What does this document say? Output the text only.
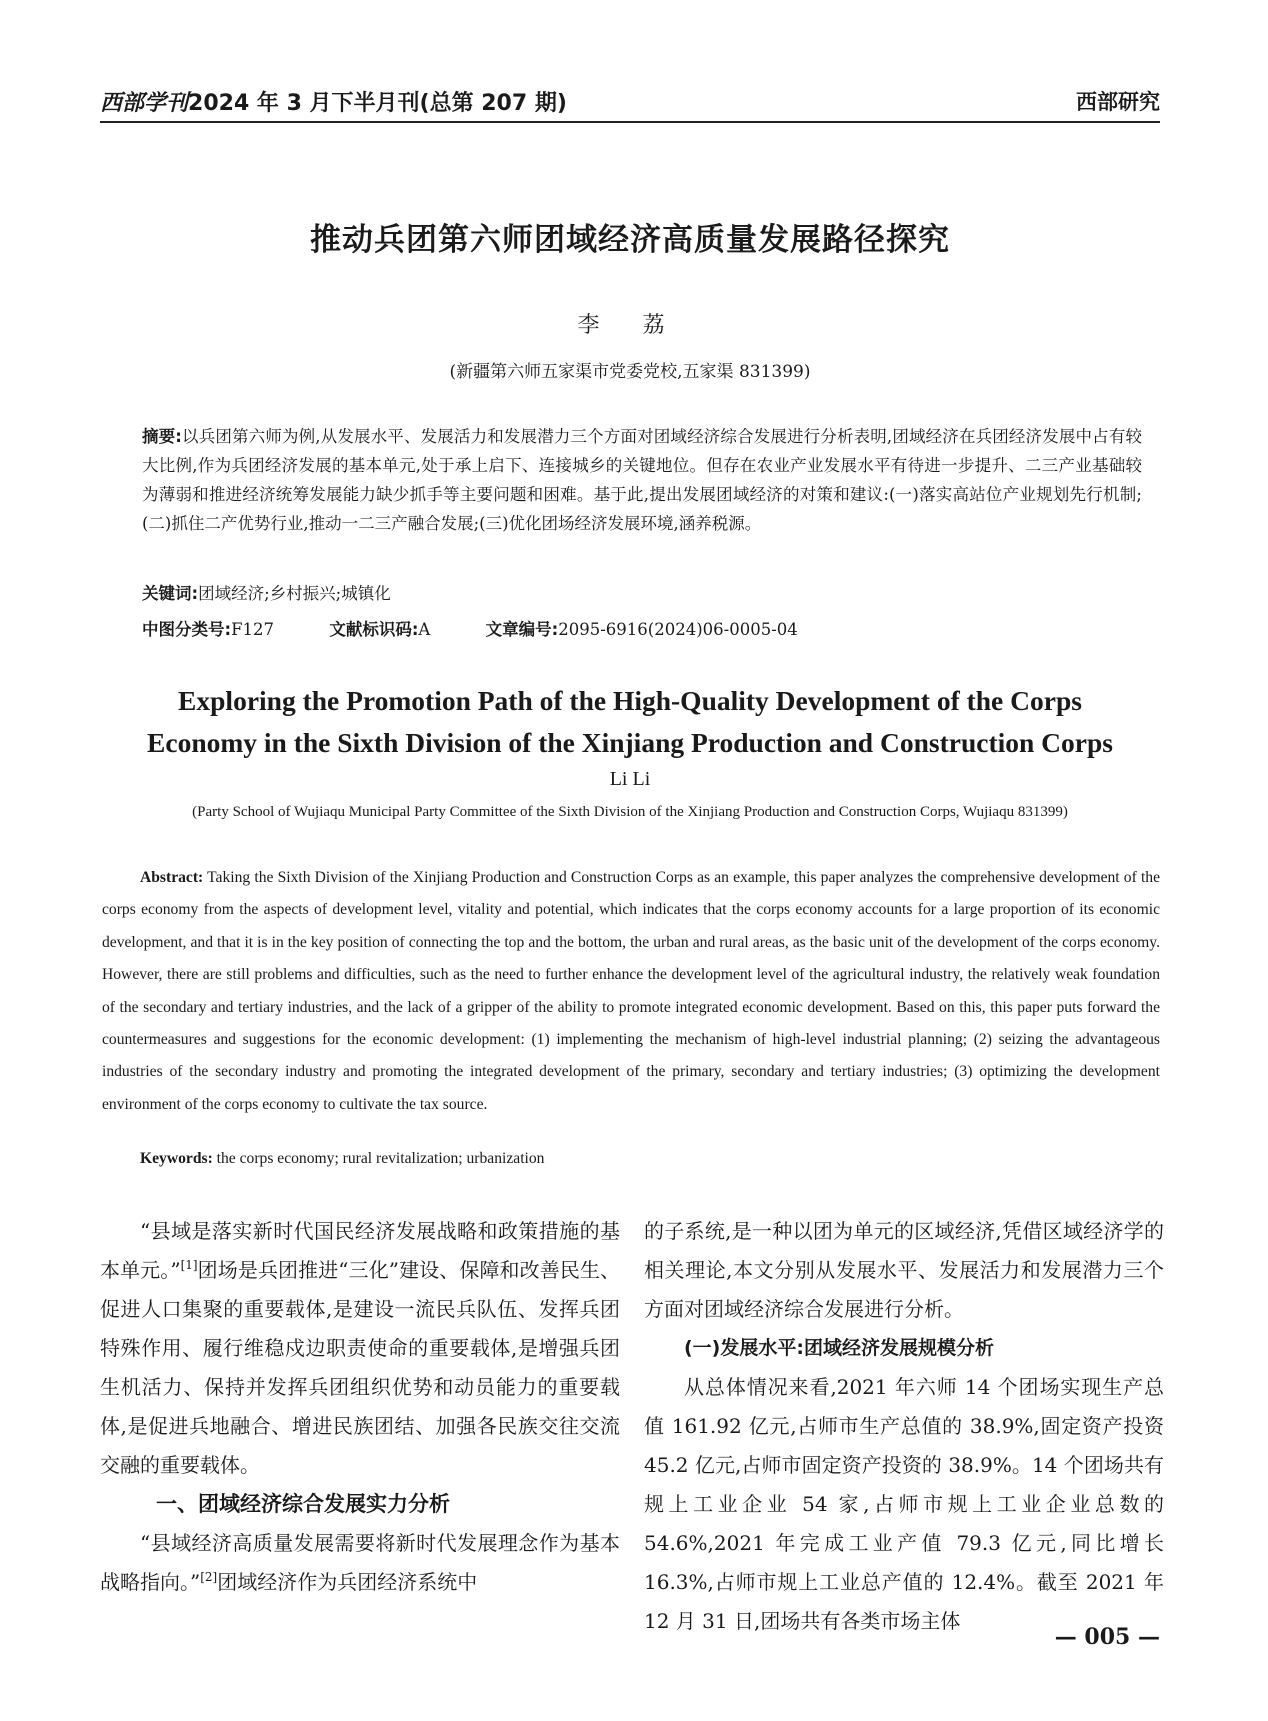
西部学刊2024 年 3 月下半月刊(总第 207 期)	西部研究
推动兵团第六师团域经济高质量发展路径探究
李 荔
(新疆第六师五家渠市党委党校,五家渠 831399)
摘要:以兵团第六师为例,从发展水平、发展活力和发展潜力三个方面对团域经济综合发展进行分析表明,团域经济在兵团经济发展中占有较大比例,作为兵团经济发展的基本单元,处于承上启下、连接城乡的关键地位。但存在农业产业发展水平有待进一步提升、二三产业基础较为薄弱和推进经济统筹发展能力缺少抓手等主要问题和困难。基于此,提出发展团域经济的对策和建议:(一)落实高站位产业规划先行机制;(二)抓住二产优势行业,推动一二三产融合发展;(三)优化团场经济发展环境,涵养税源。
关键词:团域经济;乡村振兴;城镇化
中图分类号:F127	文献标识码:A	文章编号:2095-6916(2024)06-0005-04
Exploring the Promotion Path of the High-Quality Development of the Corps
Economy in the Sixth Division of the Xinjiang Production and Construction Corps
Li Li
(Party School of Wujiaqu Municipal Party Committee of the Sixth Division of the Xinjiang Production and Construction Corps, Wujiaqu 831399)
Abstract: Taking the Sixth Division of the Xinjiang Production and Construction Corps as an example, this paper analyzes the comprehensive development of the corps economy from the aspects of development level, vitality and potential, which indicates that the corps economy accounts for a large proportion of its economic development, and that it is in the key position of connecting the top and the bottom, the urban and rural areas, as the basic unit of the development of the corps economy. However, there are still problems and difficulties, such as the need to further enhance the development level of the agricultural industry, the relatively weak foundation of the secondary and tertiary industries, and the lack of a gripper of the ability to promote integrated economic development. Based on this, this paper puts forward the countermeasures and suggestions for the economic development: (1) implementing the mechanism of high-level industrial planning; (2) seizing the advantageous industries of the secondary industry and promoting the integrated development of the primary, secondary and tertiary industries; (3) optimizing the development environment of the corps economy to cultivate the tax source.
Keywords: the corps economy; rural revitalization; urbanization

“县域是落实新时代国民经济发展战略和政策措施的基本单元。”[1]团场是兵团推进“三化”建设、保障和改善民生、促进人口集聚的重要载体,是建设一流民兵队伍、发挥兵团特殊作用、履行维稳戍边职责使命的重要载体,是增强兵团生机活力、保持并发挥兵团组织优势和动员能力的重要载体,是促进兵地融合、增进民族团结、加强各民族交往交流交融的重要载体。

一、团域经济综合发展实力分析

“县域经济高质量发展需要将新时代发展理念作为基本战略指向。”[2]团域经济作为兵团经济系统中

的子系统,是一种以团为单元的区域经济,凭借区域经济学的相关理论,本文分别从发展水平、发展活力和发展潜力三个方面对团域经济综合发展进行分析。

(一)发展水平:团域经济发展规模分析

从总体情况来看,2021 年六师 14 个团场实现生产总值 161.92 亿元,占师市生产总值的 38.9%,固定资产投资 45.2 亿元,占师市固定资产投资的 38.9%。14 个团场共有规上工业企业 54 家,占师市规上工业企业总数的 54.6%,2021 年完成工业产值 79.3 亿元,同比增长 16.3%,占师市规上工业总产值的 12.4%。截至 2021 年 12 月 31 日,团场共有各类市场主体

— 005 —
